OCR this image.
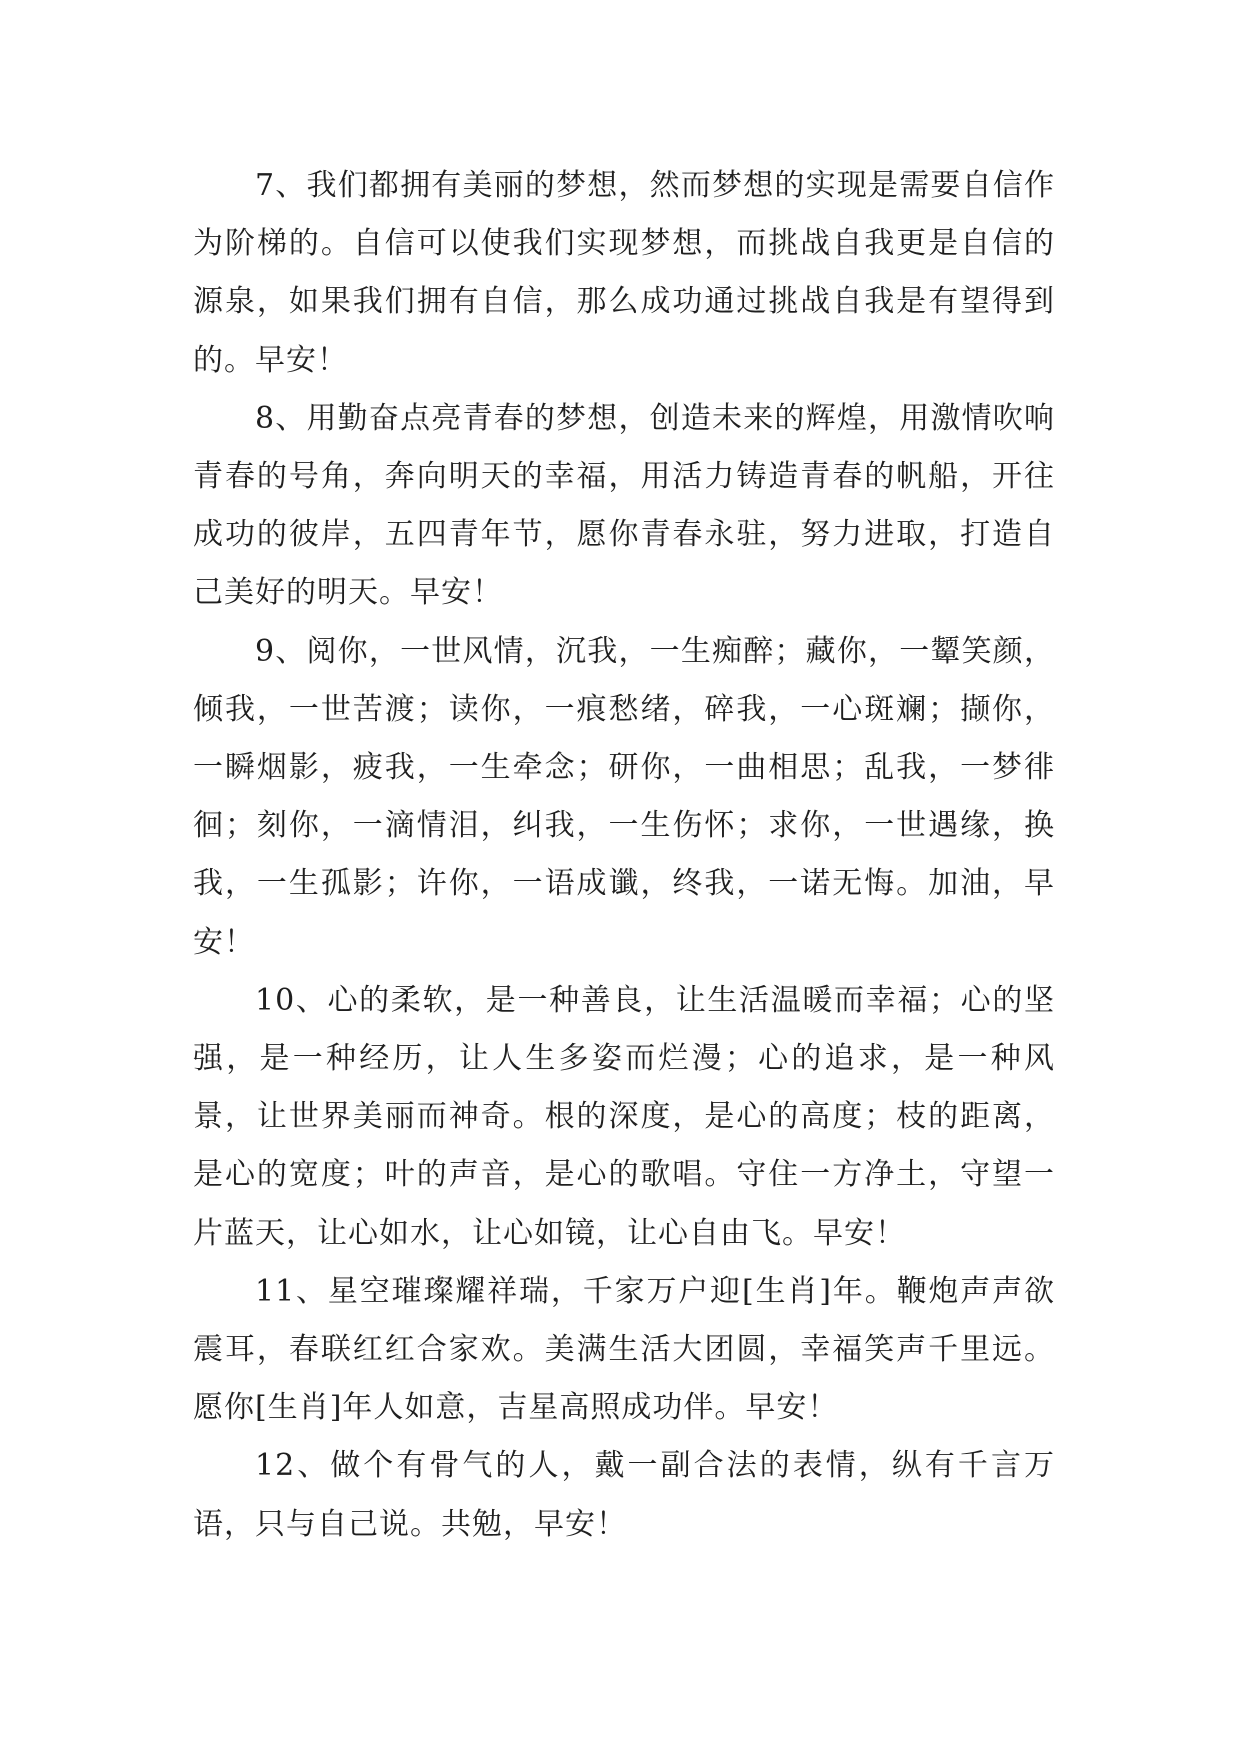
7、我们都拥有美丽的梦想，然而梦想的实现是需要自信作为阶梯的。自信可以使我们实现梦想，而挑战自我更是自信的源泉，如果我们拥有自信，那么成功通过挑战自我是有望得到的。早安！

8、用勤奋点亮青春的梦想，创造未来的辉煌，用激情吹响青春的号角，奔向明天的幸福，用活力铸造青春的帆船，开往成功的彼岸，五四青年节，愿你青春永驻，努力进取，打造自己美好的明天。早安！

9、阅你，一世风情，沉我，一生痴醉；藏你，一颦笑颜，倾我，一世苦渡；读你，一痕愁绪，碎我，一心斑斓；撷你，一瞬烟影，疲我，一生牵念；研你，一曲相思；乱我，一梦徘徊；刻你，一滴情泪，纠我，一生伤怀；求你，一世遇缘，换我，一生孤影；许你，一语成谶，终我，一诺无悔。加油，早安！

10、心的柔软，是一种善良，让生活温暖而幸福；心的坚强，是一种经历，让人生多姿而烂漫；心的追求，是一种风景，让世界美丽而神奇。根的深度，是心的高度；枝的距离，是心的宽度；叶的声音，是心的歌唱。守住一方净土，守望一片蓝天，让心如水，让心如镜，让心自由飞。早安！

11、星空璀璨耀祥瑞，千家万户迎[生肖]年。鞭炮声声欲震耳，春联红红合家欢。美满生活大团圆，幸福笑声千里远。愿你[生肖]年人如意，吉星高照成功伴。早安！

12、做个有骨气的人，戴一副合法的表情，纵有千言万语，只与自己说。共勉，早安！
